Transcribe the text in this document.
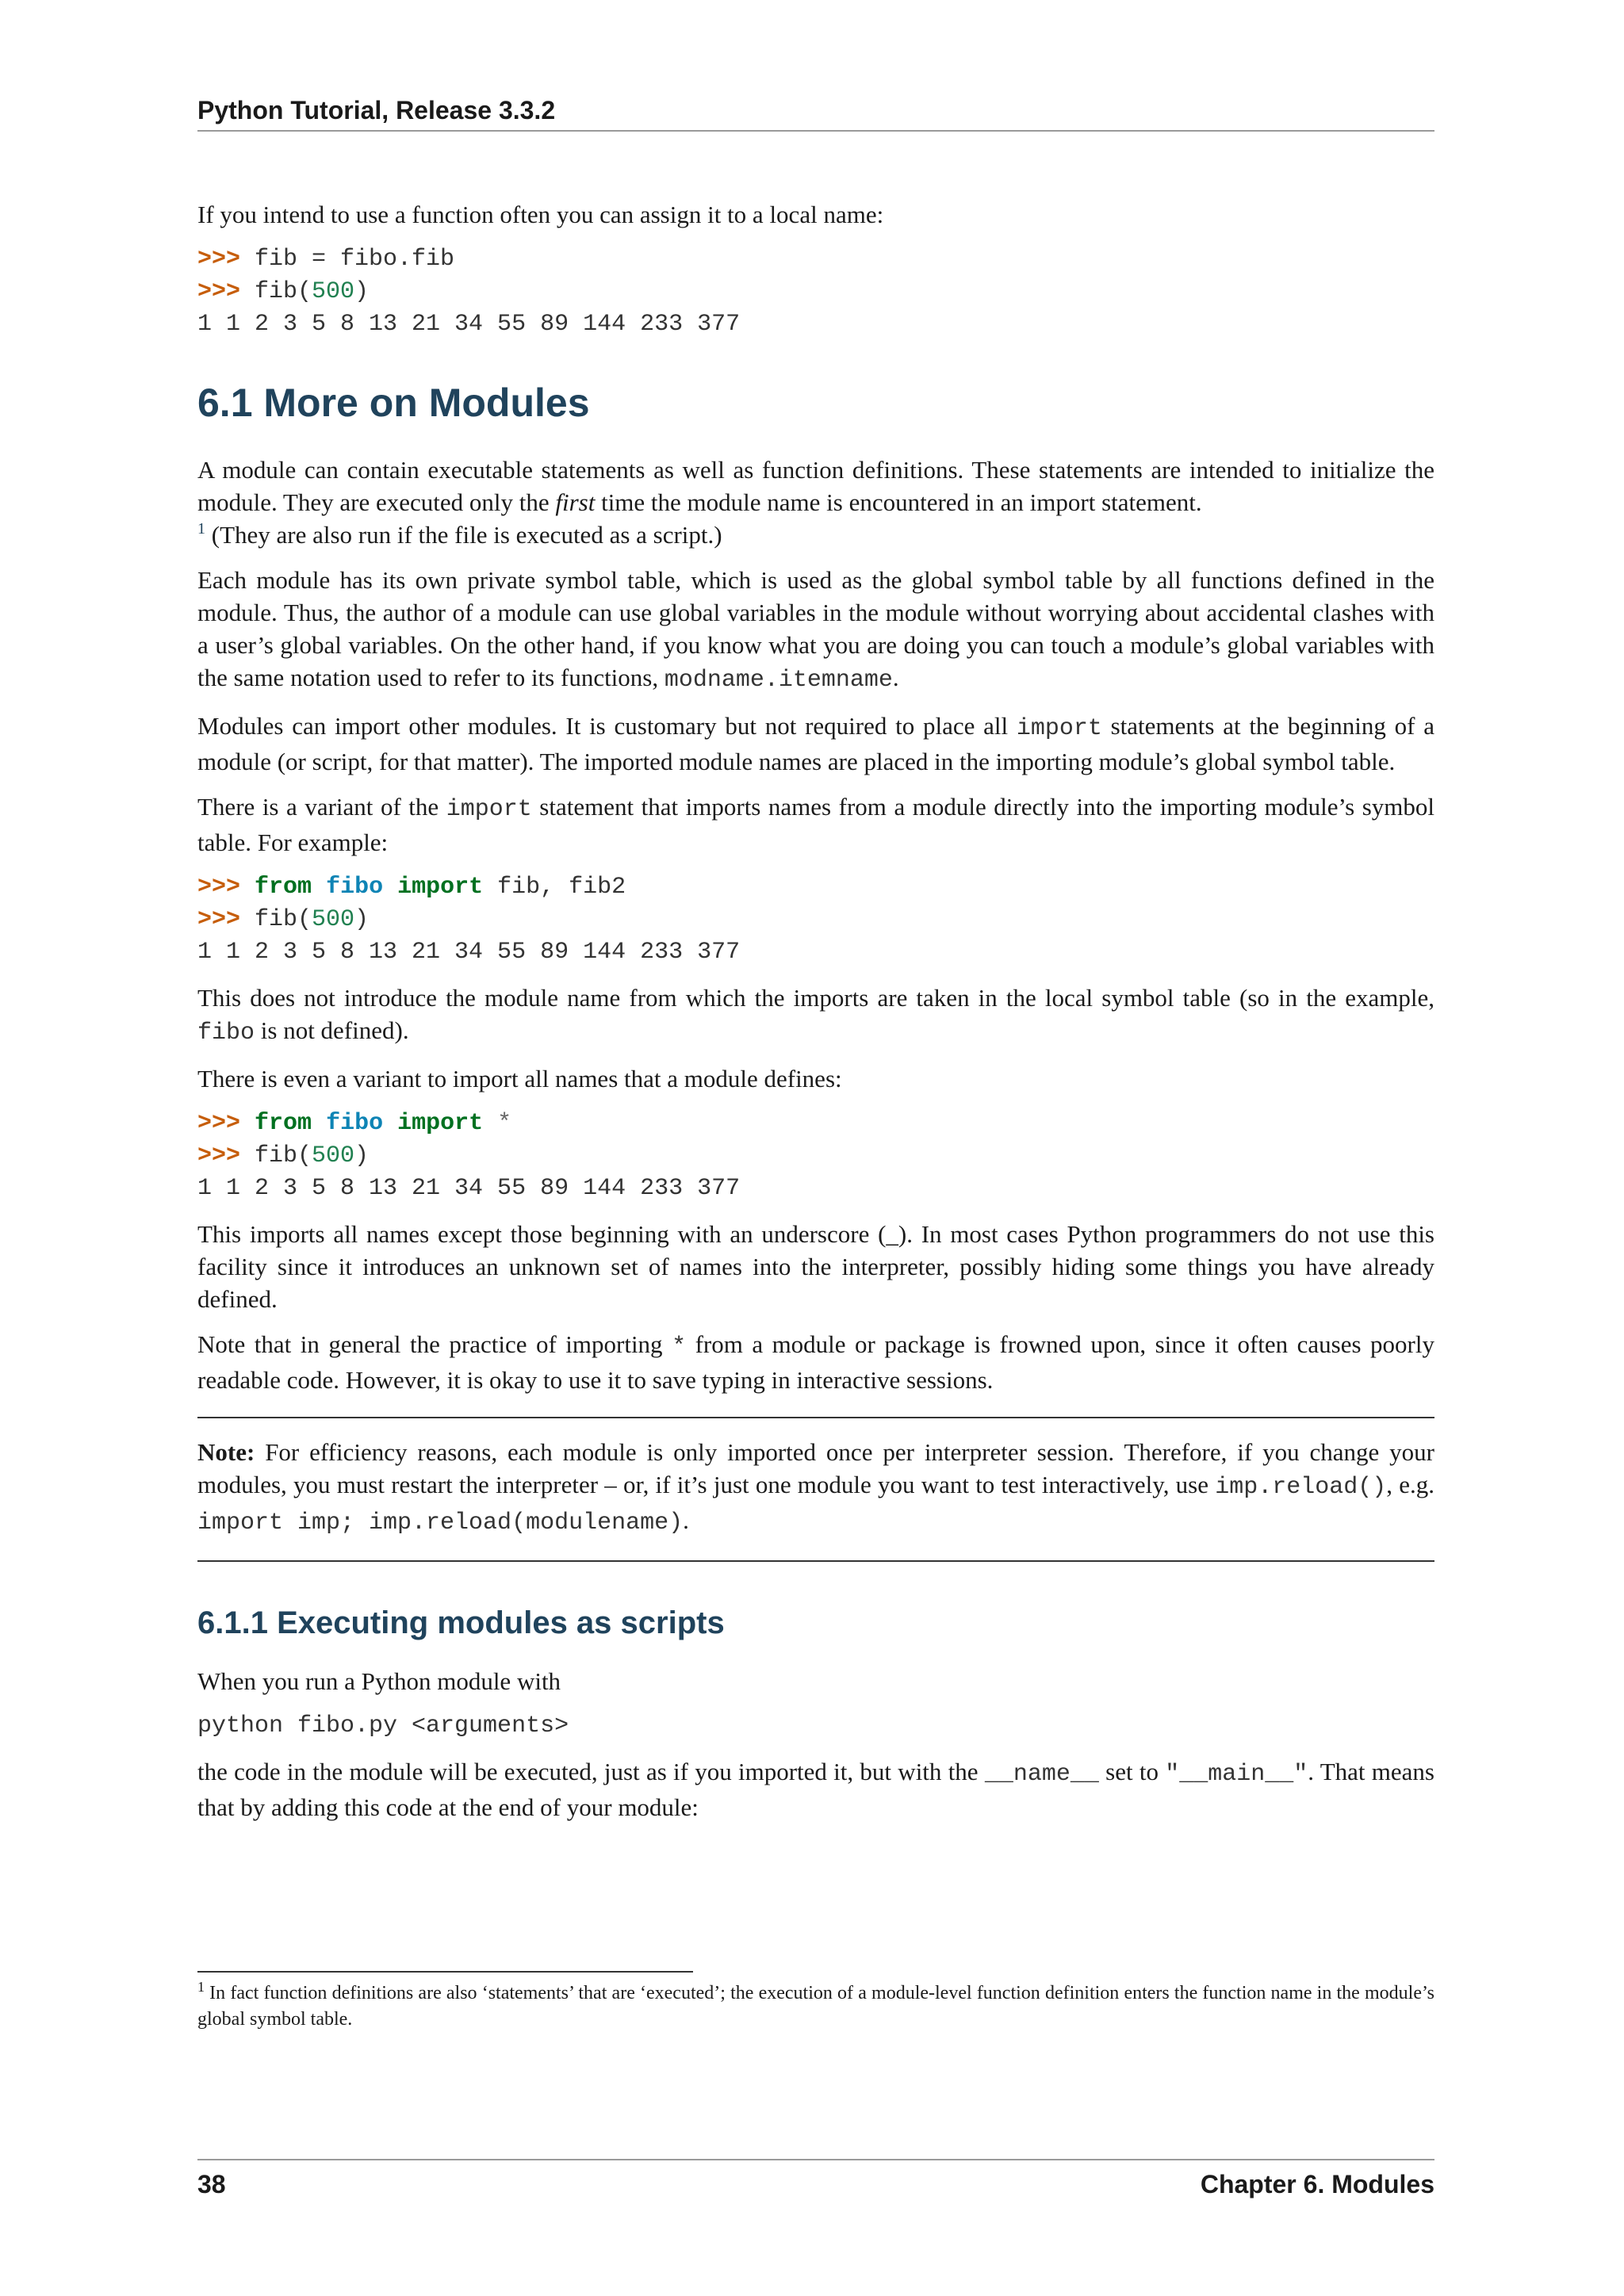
Python Tutorial, Release 3.3.2

If you intend to use a function often you can assign it to a local name:

>>> fib = fibo.fib
>>> fib(500)
1 1 2 3 5 8 13 21 34 55 89 144 233 377
6.1 More on Modules

A module can contain executable statements as well as function definitions. These statements are intended to initialize the module. They are executed only the first time the module name is encountered in an import statement.
$^1$ (They are also run if the file is executed as a script.)

Each module has its own private symbol table, which is used as the global symbol table by all functions defined in the module. Thus, the author of a module can use global variables in the module without worrying about accidental clashes with a user’s global variables. On the other hand, if you know what you are doing you can touch a module’s global variables with the same notation used to refer to its functions, modname.itemname.

Modules can import other modules. It is customary but not required to place all import statements at the beginning of a module (or script, for that matter). The imported module names are placed in the importing module’s global symbol table.

There is a variant of the import statement that imports names from a module directly into the importing module’s symbol table. For example:

>>> from fibo import fib, fib2
>>> fib(500)
1 1 2 3 5 8 13 21 34 55 89 144 233 377

This does not introduce the module name from which the imports are taken in the local symbol table (so in the example, fibo is not defined).

There is even a variant to import all names that a module defines:

>>> from fibo import *
>>> fib(500)
1 1 2 3 5 8 13 21 34 55 89 144 233 377

This imports all names except those beginning with an underscore (_). In most cases Python programmers do not use this facility since it introduces an unknown set of names into the interpreter, possibly hiding some things you have already defined.

Note that in general the practice of importing * from a module or package is frowned upon, since it often causes poorly readable code. However, it is okay to use it to save typing in interactive sessions.

Note: For efficiency reasons, each module is only imported once per interpreter session. Therefore, if you change your modules, you must restart the interpreter – or, if it’s just one module you want to test interactively, use imp.reload(), e.g. import imp; imp.reload(modulename).

6.1.1 Executing modules as scripts

When you run a Python module with

python fibo.py <arguments>

the code in the module will be executed, just as if you imported it, but with the __name__ set to "__main__". That means that by adding this code at the end of your module:

$^1$ In fact function definitions are also ‘statements’ that are ‘executed’; the execution of a module-level function definition enters the function name in the module’s global symbol table.

38	Chapter 6. Modules
